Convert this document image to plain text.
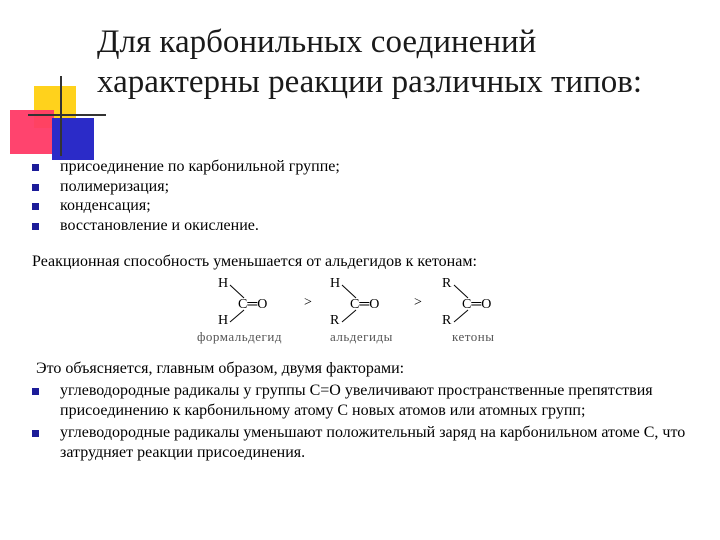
Для карбонильных соединений
характерны реакции различных типов:
присоединение по карбонильной группе;
полимеризация;
конденсация;
восстановление и окисление.
Реакционная способность уменьшается от альдегидов к кетонам:
H
C═O
H
формальдегид
>
H
C═O
R
альдегиды
>
R
C═O
R
кетоны
Это объясняется, главным образом, двумя факторами:
углеводородные радикалы у группы С=О увеличивают пространственные препятствия присоединению к карбонильному атому С новых атомов или атомных групп;
углеводородные радикалы уменьшают положительный заряд на карбонильном атоме С, что затрудняет реакции присоединения.
